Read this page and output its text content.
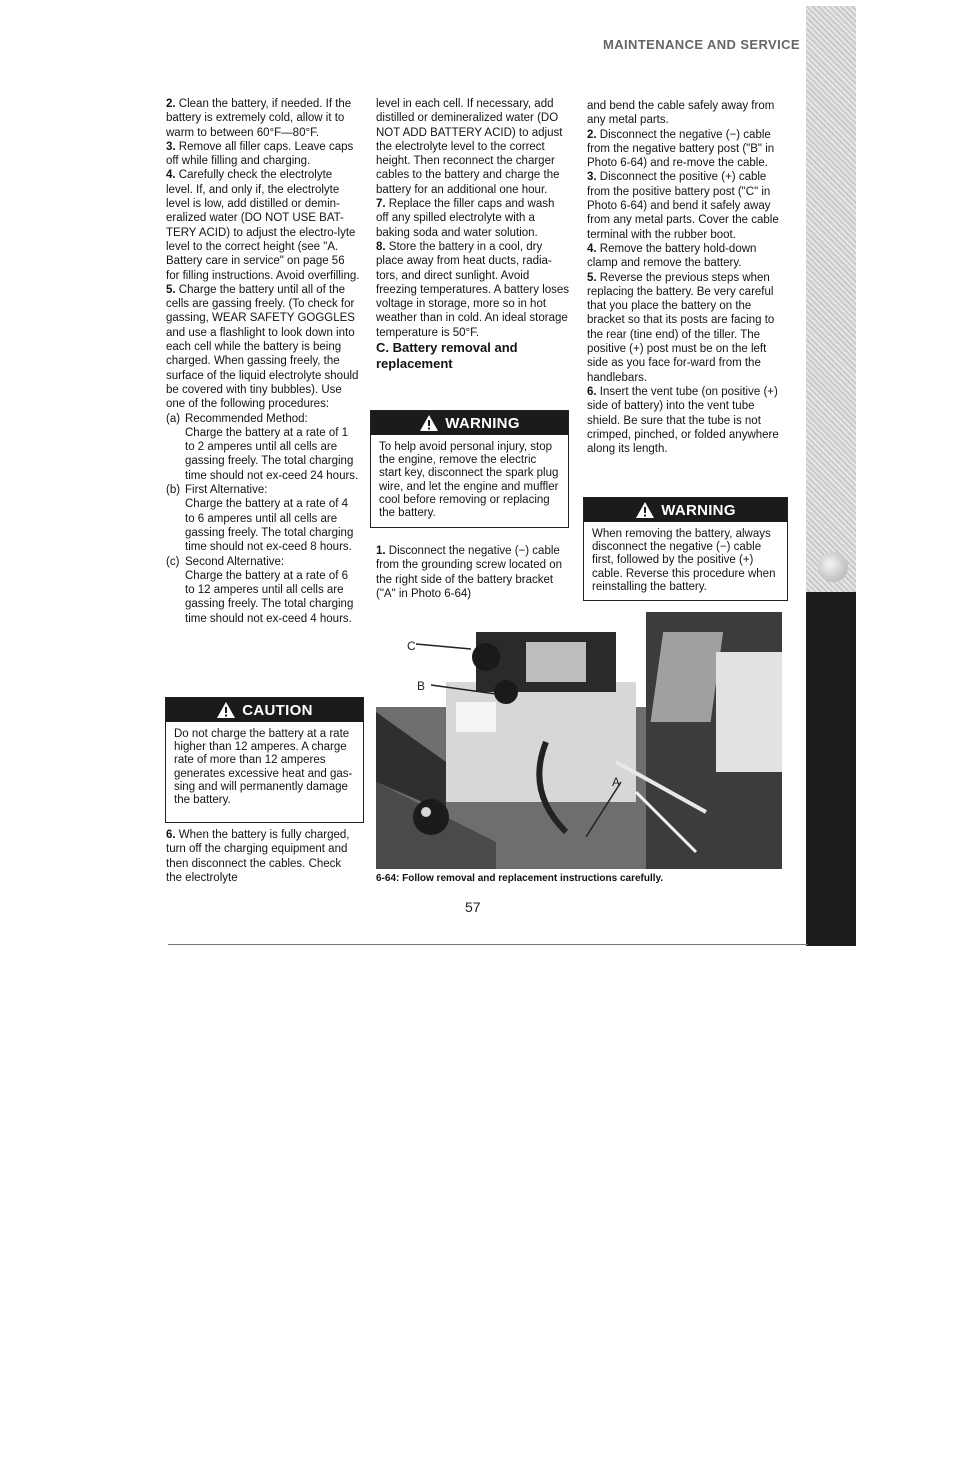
MAINTENANCE AND SERVICE

2. Clean the battery, if needed. If the battery is extremely cold, allow it to warm to between 60°F—80°F.

3. Remove all filler caps. Leave caps off while filling and charging.

4. Carefully check the electrolyte level. If, and only if, the electrolyte level is low, add distilled or demin-eralized water (DO NOT USE BAT-TERY ACID) to adjust the electro-lyte level to the correct height (see "A. Battery care in service" on page 56 for filling instructions. Avoid overfilling.

5. Charge the battery until all of the cells are gassing freely. (To check for gassing, WEAR SAFETY GOGGLES and use a flashlight to look down into each cell while the battery is being charged. When gassing freely, the surface of the liquid electrolyte should be covered with tiny bubbles). Use one of the following procedures:

(a) Recommended Method:
Charge the battery at a rate of 1 to 2 amperes until all cells are gassing freely. The total charging time should not ex-ceed 24 hours.
(b) First Alternative:
Charge the battery at a rate of 4 to 6 amperes until all cells are gassing freely. The total charging time should not ex-ceed 8 hours.
(c) Second Alternative:
Charge the battery at a rate of 6 to 12 amperes until all cells are gassing freely. The total charging time should not ex-ceed 4 hours.
CAUTION
Do not charge the battery at a rate higher than 12 amperes. A charge rate of more than 12 amperes generates excessive heat and gas-sing and will permanently damage the battery.

6. When the battery is fully charged, turn off the charging equipment and then disconnect the cables. Check the electrolyte

level in each cell. If necessary, add distilled or demineralized water (DO NOT ADD BATTERY ACID) to adjust the electrolyte level to the correct height. Then reconnect the charger cables to the battery and charge the battery for an additional one hour.

7. Replace the filler caps and wash off any spilled electrolyte with a baking soda and water solution.

8. Store the battery in a cool, dry place away from heat ducts, radia-tors, and direct sunlight. Avoid freezing temperatures. A battery loses voltage in storage, more so in hot weather than in cold. An ideal storage temperature is 50°F.

C. Battery removal and replacement

WARNING
To help avoid personal injury, stop the engine, remove the electric start key, disconnect the spark plug wire, and let the engine and muffler cool before removing or replacing the battery.

1. Disconnect the negative (−) cable from the grounding screw located on the right side of the battery bracket ("A" in Photo 6-64)

and bend the cable safely away from any metal parts.

2. Disconnect the negative (−) cable from the negative battery post ("B" in Photo 6-64) and re-move the cable.

3. Disconnect the positive (+) cable from the positive battery post ("C" in Photo 6-64) and bend it safely away from any metal parts. Cover the cable terminal with the rubber boot.

4. Remove the battery hold-down clamp and remove the battery.

5. Reverse the previous steps when replacing the battery. Be very careful that you place the battery on the bracket so that its posts are facing to the rear (tine end) of the tiller. The positive (+) post must be on the left side as you face for-ward from the handlebars.

6. Insert the vent tube (on positive (+) side of battery) into the vent tube shield. Be sure that the tube is not crimped, pinched, or folded anywhere along its length.

WARNING
When removing the battery, always disconnect the negative (−) cable first, followed by the positive (+) cable. Reverse this procedure when reinstalling the battery.
C
B
A
6-64: Follow removal and replacement instructions carefully.
57
